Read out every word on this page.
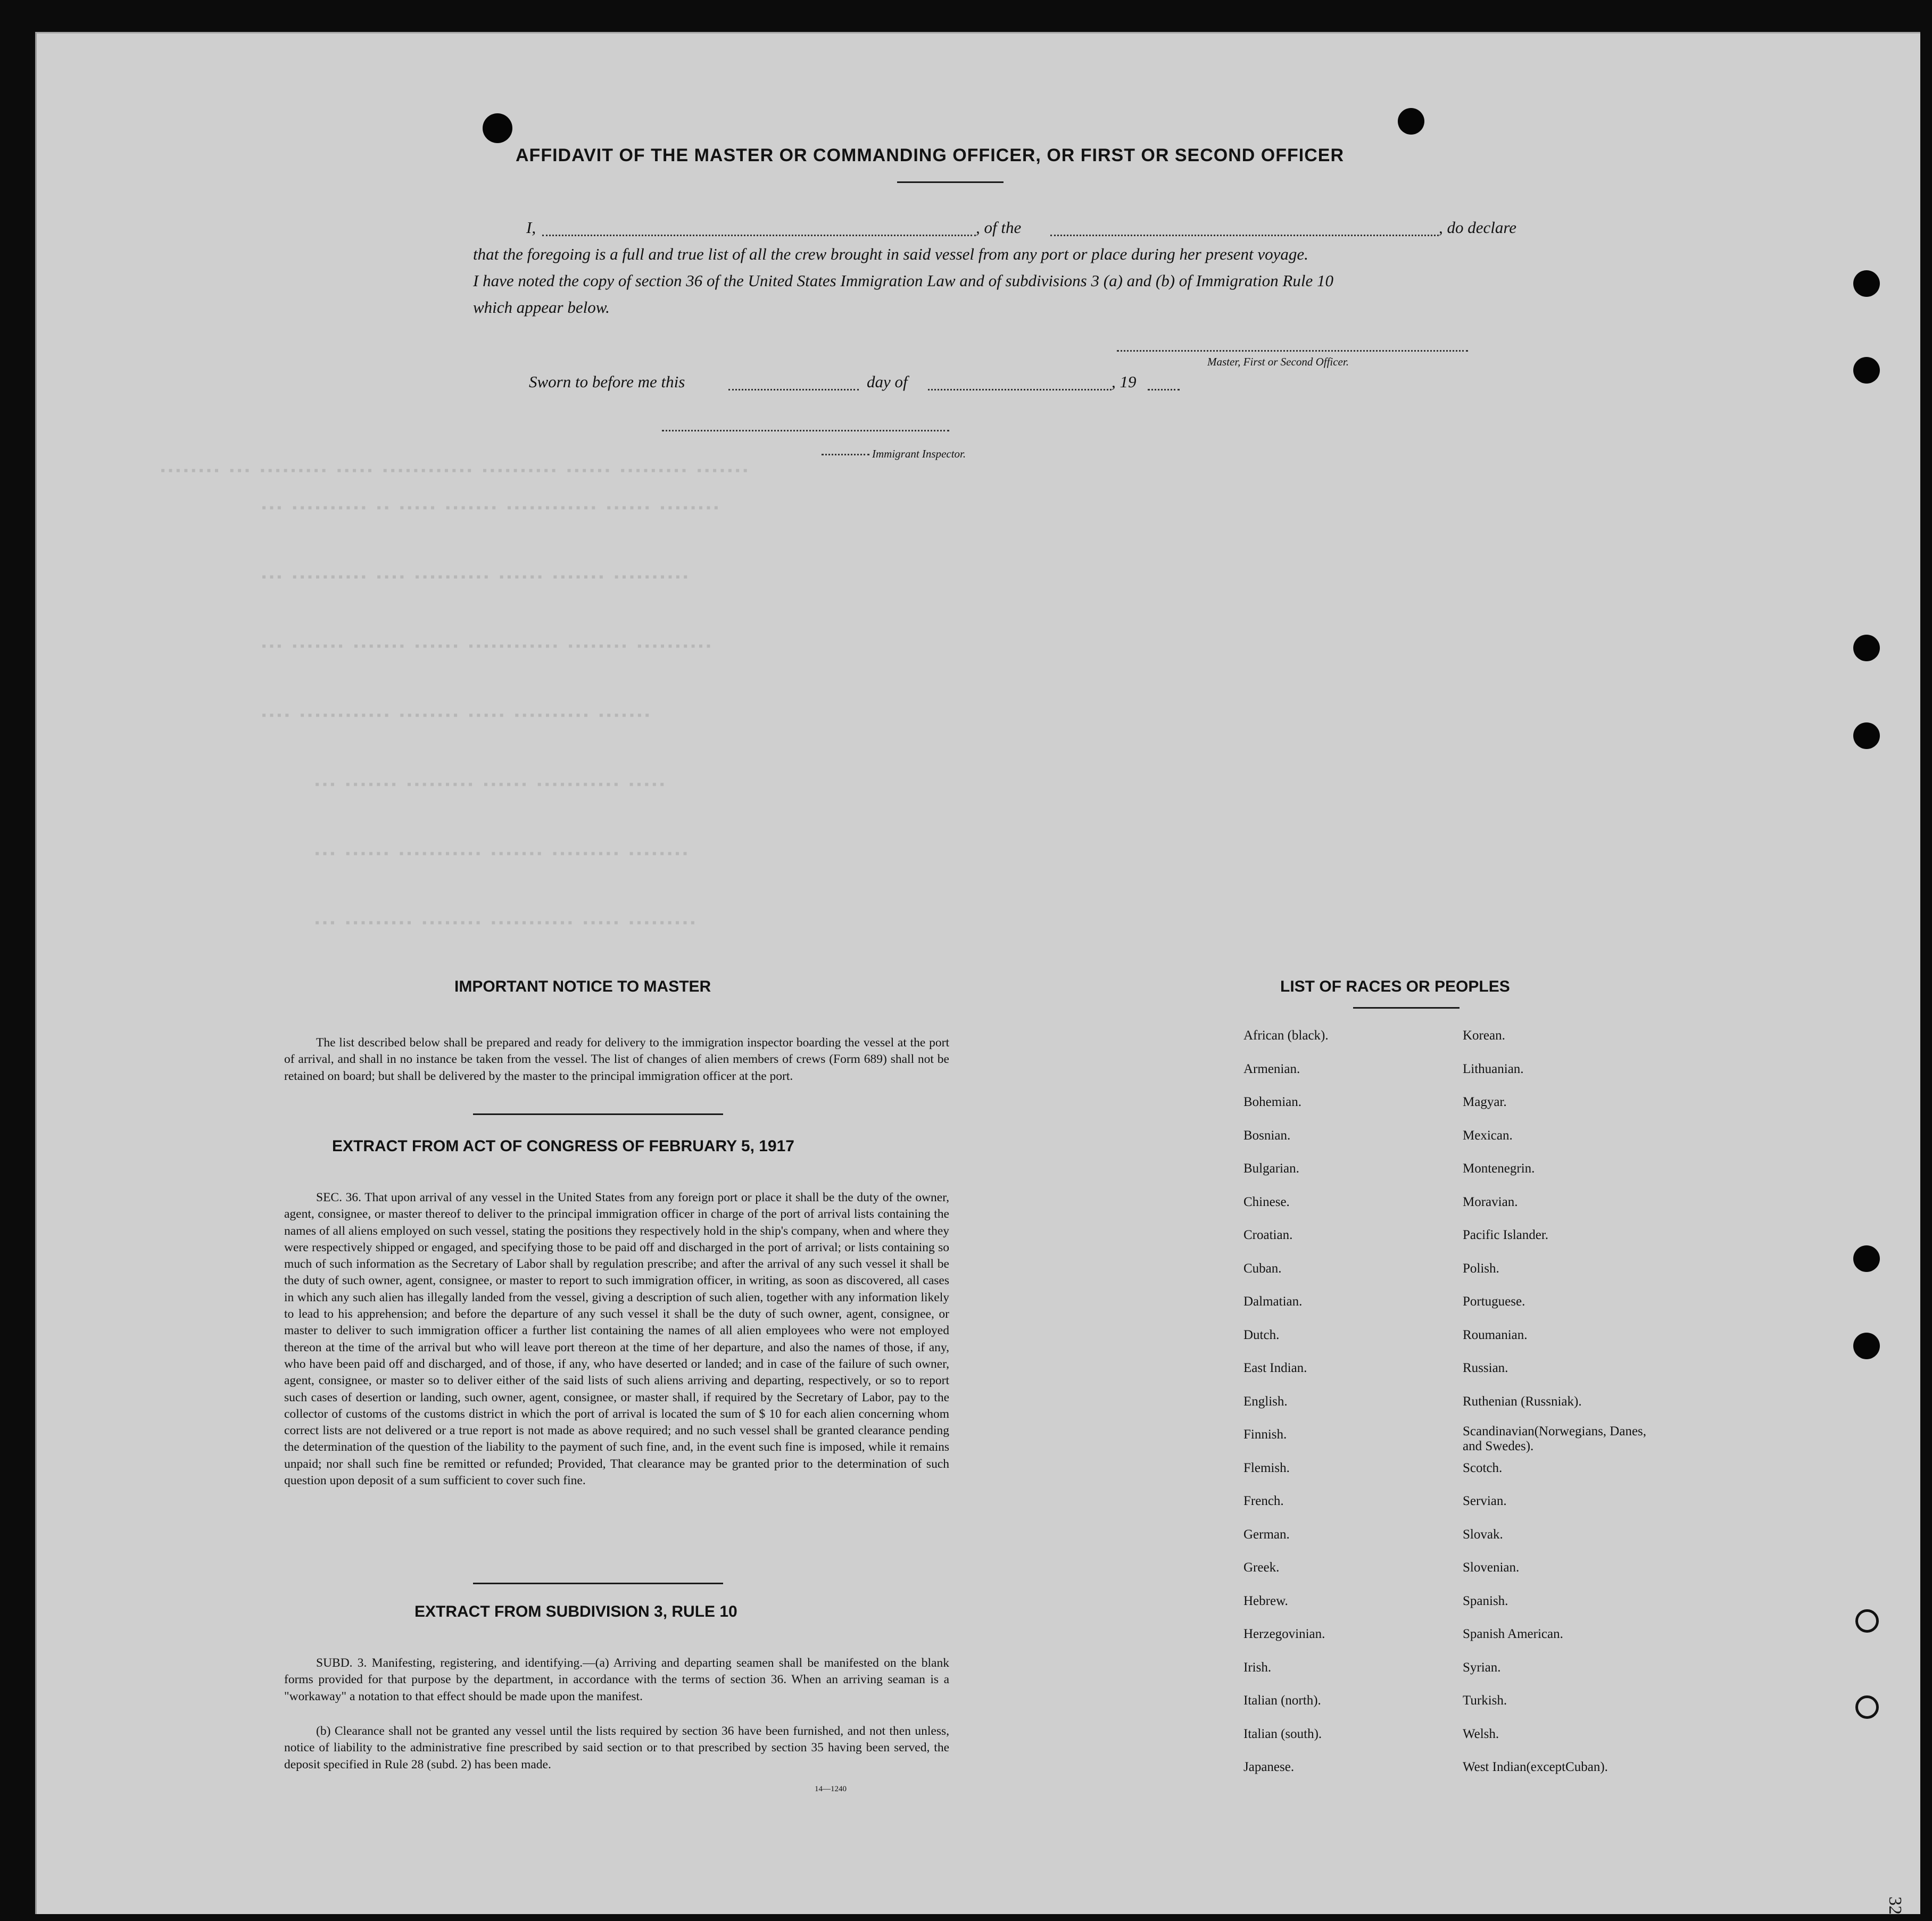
▪▪▪▪▪▪▪▪ ▪▪▪ ▪▪▪▪▪▪▪▪▪ ▪▪▪▪▪ ▪▪▪▪▪▪▪▪▪▪▪▪ ▪▪▪▪▪▪▪▪▪▪ ▪▪▪▪▪▪ ▪▪▪▪▪▪▪▪▪ ▪▪▪▪▪▪▪
▪▪▪ ▪▪▪▪▪▪▪▪▪▪ ▪▪ ▪▪▪▪▪ ▪▪▪▪▪▪▪ ▪▪▪▪▪▪▪▪▪▪▪▪ ▪▪▪▪▪▪ ▪▪▪▪▪▪▪▪
▪▪▪ ▪▪▪▪▪▪▪▪▪▪ ▪▪▪▪ ▪▪▪▪▪▪▪▪▪▪ ▪▪▪▪▪▪ ▪▪▪▪▪▪▪ ▪▪▪▪▪▪▪▪▪▪
▪▪▪ ▪▪▪▪▪▪▪ ▪▪▪▪▪▪▪ ▪▪▪▪▪▪ ▪▪▪▪▪▪▪▪▪▪▪▪ ▪▪▪▪▪▪▪▪ ▪▪▪▪▪▪▪▪▪▪
▪▪▪▪ ▪▪▪▪▪▪▪▪▪▪▪▪ ▪▪▪▪▪▪▪▪ ▪▪▪▪▪ ▪▪▪▪▪▪▪▪▪▪ ▪▪▪▪▪▪▪
▪▪▪ ▪▪▪▪▪▪▪ ▪▪▪▪▪▪▪▪▪ ▪▪▪▪▪▪ ▪▪▪▪▪▪▪▪▪▪▪ ▪▪▪▪▪
▪▪▪ ▪▪▪▪▪▪ ▪▪▪▪▪▪▪▪▪▪▪ ▪▪▪▪▪▪▪ ▪▪▪▪▪▪▪▪▪ ▪▪▪▪▪▪▪▪
▪▪▪ ▪▪▪▪▪▪▪▪▪ ▪▪▪▪▪▪▪▪ ▪▪▪▪▪▪▪▪▪▪▪ ▪▪▪▪▪ ▪▪▪▪▪▪▪▪▪
AFFIDAVIT OF THE MASTER OR COMMANDING OFFICER, OR FIRST OR SECOND OFFICER
I,	, of the	, do declare
that the foregoing is a full and true list of all the crew brought in said vessel from any port or place during her present voyage.
I have noted the copy of section 36 of the United States Immigration Law and of subdivisions 3 (a) and (b) of Immigration Rule 10
which appear below.
Master, First or Second Officer.
Sworn to before me this	day of	, 19
Immigrant Inspector.
IMPORTANT NOTICE TO MASTER
The list described below shall be prepared and ready for delivery to the immigration inspector boarding the vessel at the port of arrival, and shall in no instance be taken from the vessel. The list of changes of alien members of crews (Form 689) shall not be retained on board; but shall be delivered by the master to the principal immigration officer at the port.
EXTRACT FROM ACT OF CONGRESS OF FEBRUARY 5, 1917
SEC. 36. That upon arrival of any vessel in the United States from any foreign port or place it shall be the duty of the owner, agent, consignee, or master thereof to deliver to the principal immigration officer in charge of the port of arrival lists containing the names of all aliens employed on such vessel, stating the positions they respectively hold in the ship's company, when and where they were respectively shipped or engaged, and specifying those to be paid off and discharged in the port of arrival; or lists containing so much of such information as the Secretary of Labor shall by regulation prescribe; and after the arrival of any such vessel it shall be the duty of such owner, agent, consignee, or master to report to such immigration officer, in writing, as soon as discovered, all cases in which any such alien has illegally landed from the vessel, giving a description of such alien, together with any information likely to lead to his apprehension; and before the departure of any such vessel it shall be the duty of such owner, agent, consignee, or master to deliver to such immigration officer a further list containing the names of all alien employees who were not employed thereon at the time of the arrival but who will leave port thereon at the time of her departure, and also the names of those, if any, who have been paid off and discharged, and of those, if any, who have deserted or landed; and in case of the failure of such owner, agent, consignee, or master so to deliver either of the said lists of such aliens arriving and departing, respectively, or so to report such cases of desertion or landing, such owner, agent, consignee, or master shall, if required by the Secretary of Labor, pay to the collector of customs of the customs district in which the port of arrival is located the sum of $ 10 for each alien concerning whom correct lists are not delivered or a true report is not made as above required; and no such vessel shall be granted clearance pending the determination of the question of the liability to the payment of such fine, and, in the event such fine is imposed, while it remains unpaid; nor shall such fine be remitted or refunded; Provided, That clearance may be granted prior to the determination of such question upon deposit of a sum sufficient to cover such fine.
EXTRACT FROM SUBDIVISION 3, RULE 10
SUBD. 3. Manifesting, registering, and identifying.—(a) Arriving and departing seamen shall be manifested on the blank forms provided for that purpose by the department, in accordance with the terms of section 36. When an arriving seaman is a "workaway" a notation to that effect should be made upon the manifest.
(b) Clearance shall not be granted any vessel until the lists required by section 36 have been furnished, and not then unless, notice of liability to the administrative fine prescribed by said section or to that prescribed by section 35 having been served, the deposit specified in Rule 28 (subd. 2) has been made.
14—1240
LIST OF RACES OR PEOPLES
African (black).
Armenian.
Bohemian.
Bosnian.
Bulgarian.
Chinese.
Croatian.
Cuban.
Dalmatian.
Dutch.
East Indian.
English.
Finnish.
Flemish.
French.
German.
Greek.
Hebrew.
Herzegovinian.
Irish.
Italian (north).
Italian (south).
Japanese.
Korean.
Lithuanian.
Magyar.
Mexican.
Montenegrin.
Moravian.
Pacific Islander.
Polish.
Portuguese.
Roumanian.
Russian.
Ruthenian (Russniak).
Scandinavian(Norwegians, Danes, and Swedes).
Scotch.
Servian.
Slovak.
Slovenian.
Spanish.
Spanish American.
Syrian.
Turkish.
Welsh.
West Indian(exceptCuban).
32
